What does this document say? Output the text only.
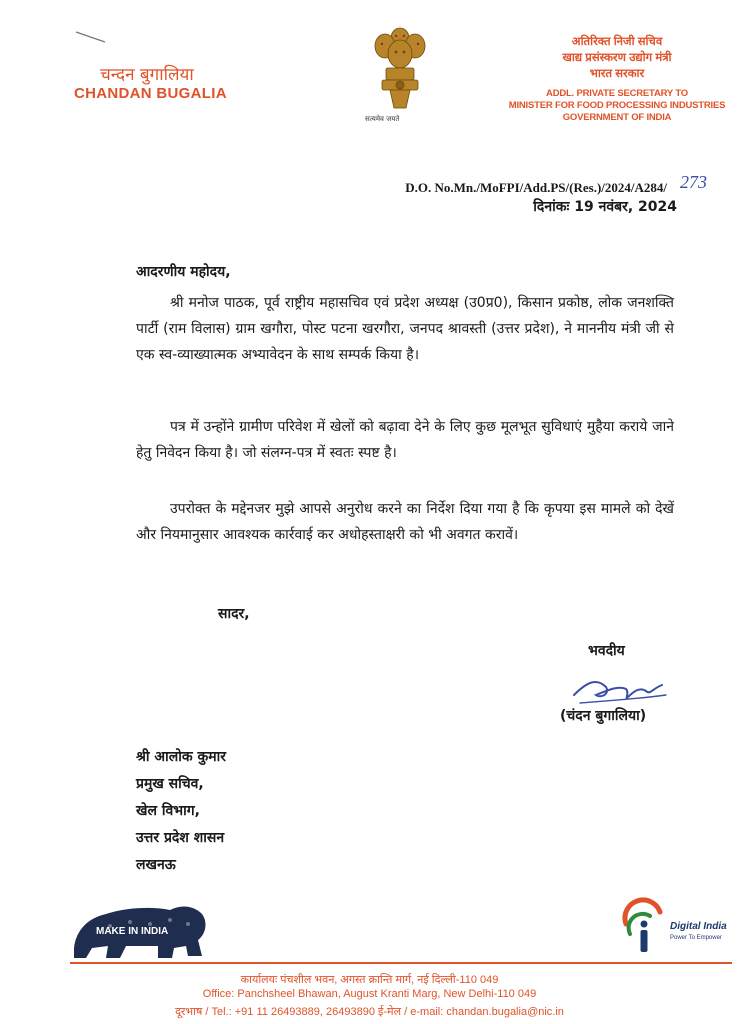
चन्दन बुगालिया
CHANDAN BUGALIA
सत्यमेव जयते
अतिरिक्त निजी सचिव
खाद्य प्रसंस्करण उद्योग मंत्री
भारत सरकार
ADDL. PRIVATE SECRETARY TO
MINISTER FOR FOOD PROCESSING INDUSTRIES
GOVERNMENT OF INDIA
D.O. No.Mn./MoFPI/Add.PS/(Res.)/2024/A284/ 273
दिनांकः 19 नवंबर, 2024
आदरणीय महोदय,
श्री मनोज पाठक, पूर्व राष्ट्रीय महासचिव एवं प्रदेश अध्यक्ष (उ0प्र0), किसान प्रकोष्ठ, लोक जनशक्ति पार्टी (राम विलास) ग्राम खगौरा, पोस्ट पटना खरगौरा, जनपद श्रावस्ती (उत्तर प्रदेश), ने माननीय मंत्री जी से एक स्व-व्याख्यात्मक अभ्यावेदन के साथ सम्पर्क किया है।
पत्र में उन्होंने ग्रामीण परिवेश में खेलों को बढ़ावा देने के लिए कुछ मूलभूत सुविधाएं मुहैया कराये जाने हेतु निवेदन किया है। जो संलग्न-पत्र में स्वतः स्पष्ट है।
उपरोक्त के मद्देनजर मुझे आपसे अनुरोध करने का निर्देश दिया गया है कि कृपया इस मामले को देखें और नियमानुसार आवश्यक कार्रवाई कर अधोहस्ताक्षरी को भी अवगत करावें।
सादर,
भवदीय
(चंदन बुगालिया)
श्री आलोक कुमार
प्रमुख सचिव,
खेल विभाग,
उत्तर प्रदेश शासन
लखनऊ
MAKE IN INDIA	Digital India
Power To Empower
कार्यालयः पंचशील भवन, अगस्त क्रान्ति मार्ग, नई दिल्ली-110 049
Office: Panchsheel Bhawan, August Kranti Marg, New Delhi-110 049
दूरभाष / Tel.: +91 11 26493889, 26493890 ई-मेल / e-mail: chandan.bugalia@nic.in
